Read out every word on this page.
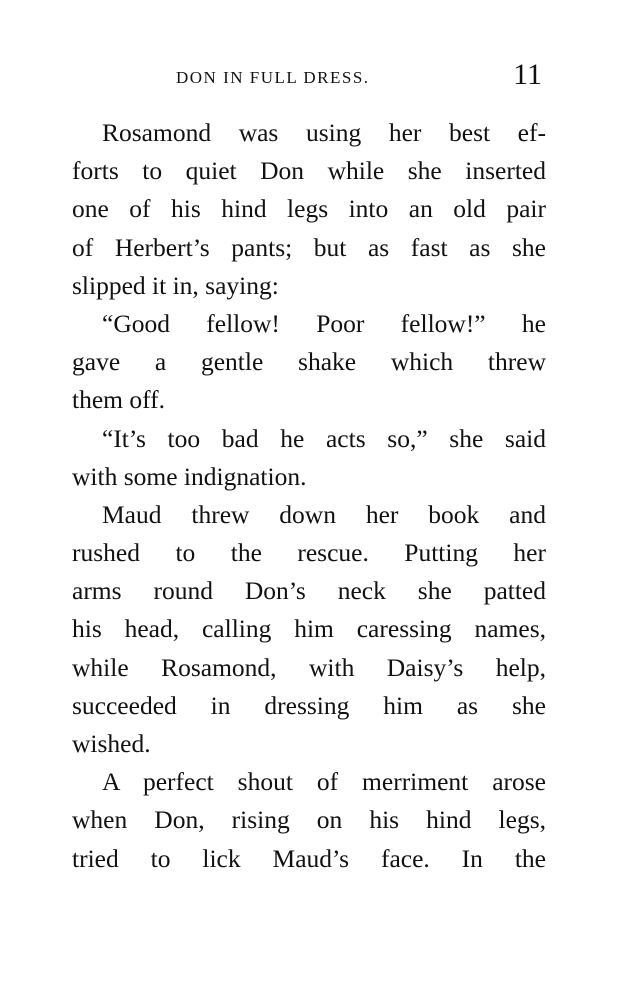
DON IN FULL DRESS.	11
Rosamond was using her best ef-
forts to quiet Don while she inserted
one of his hind legs into an old pair
of Herbert’s pants; but as fast as she
slipped it in, saying:
“Good fellow! Poor fellow!” he
gave a gentle shake which threw
them off.
“It’s too bad he acts so,” she said
with some indignation.
Maud threw down her book and
rushed to the rescue. Putting her
arms round Don’s neck she patted
his head, calling him caressing names,
while Rosamond, with Daisy’s help,
succeeded in dressing him as she
wished.
A perfect shout of merriment arose
when Don, rising on his hind legs,
tried to lick Maud’s face. In the
